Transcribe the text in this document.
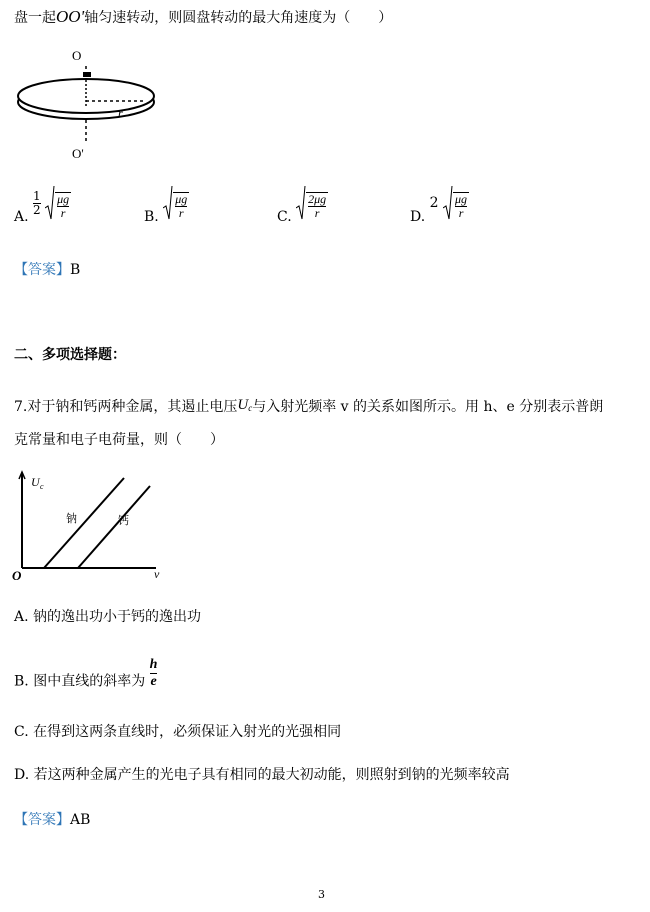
盘一起OO'轴匀速转动，则圆盘转动的最大角速度为（　　）
O
r
O'
A.
$\frac{1}{2}$
$\frac{\mu g}{r}$	B. $\frac{\mu g}{r}$	C. $\frac{2\mu g}{r}$	D. $2 \frac{\mu g}{r}$
【答案】B
二、多项选择题：
7.对于钠和钙两种金属，其遏止电压Uc与入射光频率 v 的关系如图所示。用 h、e 分别表示普朗
克常量和电子电荷量，则（　　）
U c
v
O
钠	钙
A. 钠的逸出功小于钙的逸出功
B. 图中直线的斜率为 $\frac{h}{e}$
C. 在得到这两条直线时，必须保证入射光的光强相同
D. 若这两种金属产生的光电子具有相同的最大初动能，则照射到钠的光频率较高
【答案】AB
3
